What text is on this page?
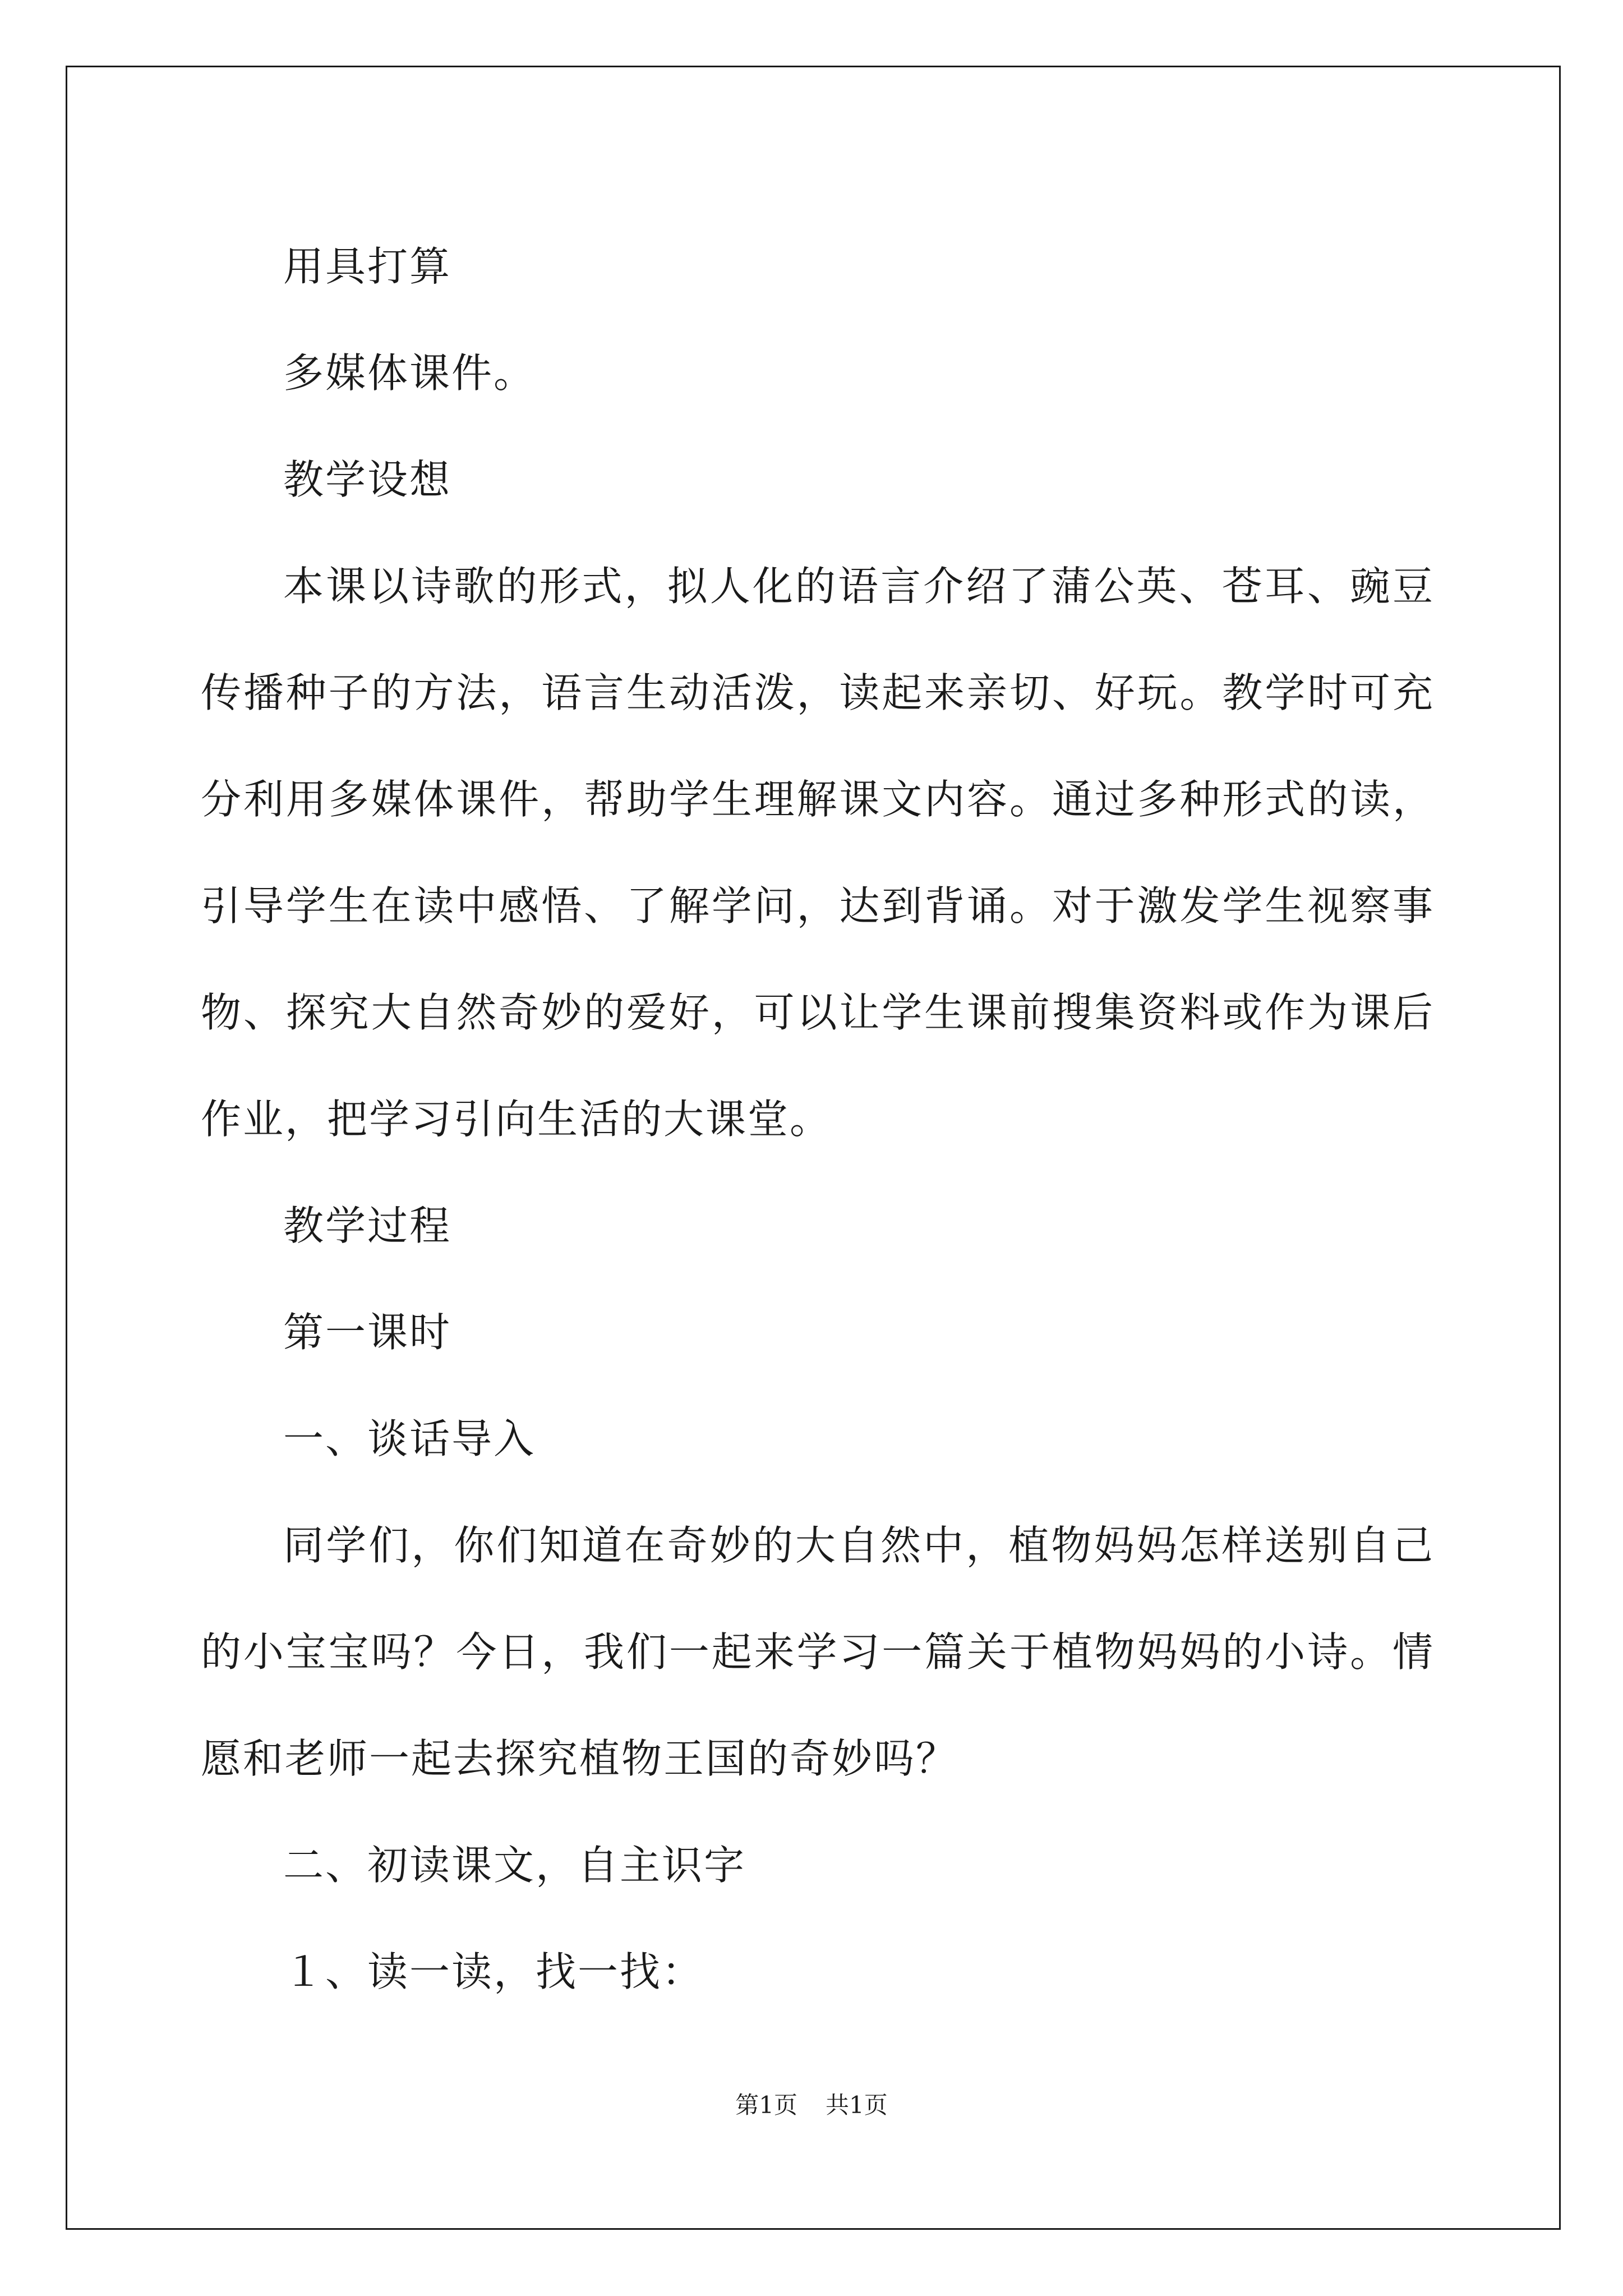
用具打算

多媒体课件。

教学设想

本课以诗歌的形式，拟人化的语言介绍了蒲公英、苍耳、豌豆传播种子的方法，语言生动活泼，读起来亲切、好玩。教学时可充分利用多媒体课件，帮助学生理解课文内容。通过多种形式的读，引导学生在读中感悟、了解学问，达到背诵。对于激发学生视察事物、探究大自然奇妙的爱好，可以让学生课前搜集资料或作为课后作业，把学习引向生活的大课堂。

教学过程

第一课时

一、谈话导入

同学们，你们知道在奇妙的大自然中，植物妈妈怎样送别自己的小宝宝吗？今日，我们一起来学习一篇关于植物妈妈的小诗。情愿和老师一起去探究植物王国的奇妙吗？

二、初读课文，自主识字

１、读一读，找一找：

第1页 共1页
